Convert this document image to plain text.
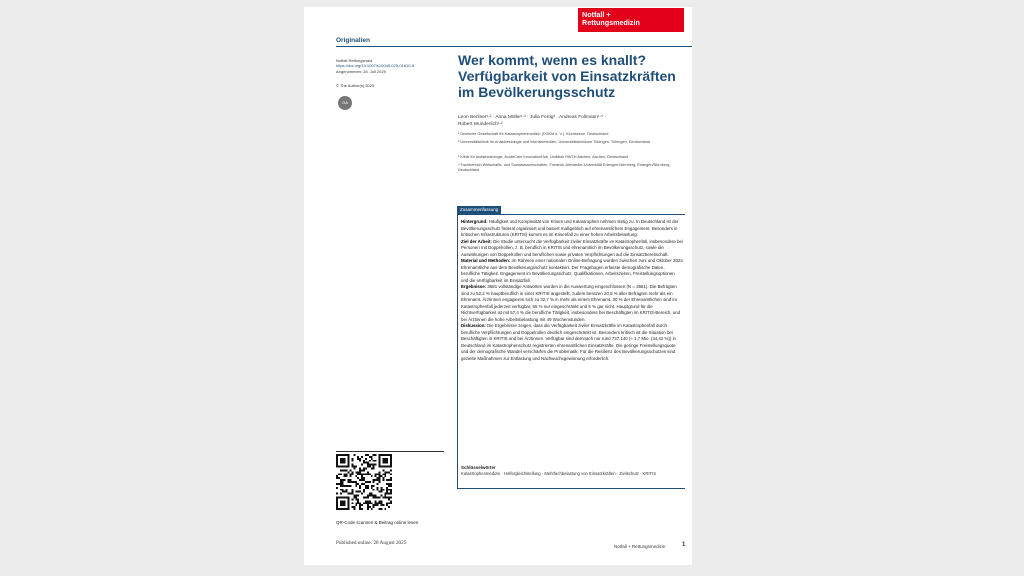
Notfall +
Rettungsmedizin
Originalien
Notfall Rettungsmed
https://doi.org/10.1007/s10049-025-01610-8
Angenommen: 28. Juli 2025
© The Author(s) 2025
OA
Wer kommt, wenn es knallt? Verfügbarkeit von Einsatzkräften im Bevölkerungsschutz
Leon Berliner¹·² · Anna Müller¹·³ · Julia Fertig³ · Andreas Follmann¹·⁵ ·
Robert Wunderlich¹·²
¹ Deutsche Gesellschaft für Katastrophenmedizin (DGKM e. V.), Kirchseeon, Deutschland
² Universitätsklinik für Anästhesiologie und Intensivmedizin, Universitätsklinikum Tübingen, Tübingen, Deutschland
³ Klinik für Anästhesiologie, AcuteCare InnovationHub, Uniklinik RWTH Aachen, Aachen, Deutschland
⁴ Fachbereich Wirtschafts- und Sozialwissenschaften, Friedrich-Alexander-Universität Erlangen-Nürnberg, Erlangen/Nürnberg, Deutschland
Zusammenfassung
Hintergrund: Häufigkeit und Komplexität von Krisen und Katastrophen nehmen stetig zu. In Deutschland ist der Bevölkerungsschutz föderal organisiert und basiert maßgeblich auf ehrenamtlichem Engagement. Besonders in kritischen Infrastrukturen (KRITIS) kommt es im Krisenfall zu einer hohen Arbeitsbelastung.
Ziel der Arbeit: Die Studie untersucht die Verfügbarkeit ziviler Einsatzkräfte im Katastrophenfall, insbesondere bei Personen mit Doppelrollen, z. B. beruflich in KRITIS und ehrenamtlich im Bevölkerungsschutz, sowie die Auswirkungen von Doppelrollen und beruflichen sowie privaten Verpflichtungen auf die Einsatzbereitschaft.
Material und Methoden: Im Rahmen einer nationalen Online-Befragung wurden zwischen Juni und Oktober 2024 Ehrenamtliche aus dem Bevölkerungsschutz kontaktiert. Der Fragebogen erfasste demografische Daten, berufliche Tätigkeit, Engagement im Bevölkerungsschutz, Qualifikationen, Arbeitszeiten, Freistellungsoptionen und die Verfügbarkeit im Einsatzfall.
Ergebnisse: 3681 vollständige Antworten wurden in die Auswertung eingeschlossen (N = 3681). Die Befragten sind zu 52,2 % hauptberuflich in einer KRITIS angestellt, zudem besitzen 20,5 % aller Befragten mehr als ein Ehrenamt. Ärztinnen engagieren sich zu 32,7 % in mehr als einem Ehrenamt. 30 % der Ehrenamtlichen sind im Katastrophenfall jederzeit verfügbar, 65 % nur eingeschränkt und 5 % gar nicht. Hauptgrund für die Nichtverfügbarkeit ist mit 57,4 % die berufliche Tätigkeit, insbesondere bei Beschäftigten im KRITIS-Bereich, und bei Ärztinnen die hohe Arbeitsbelastung mit 49 Wochenstunden.
Diskussion: Die Ergebnisse zeigen, dass die Verfügbarkeit ziviler Einsatzkräfte im Katastrophenfall durch berufliche Verpflichtungen und Doppelrollen deutlich eingeschränkt ist. Besonders kritisch ist die Situation bei Beschäftigten in KRITIS und bei Ärztinnen. Verfügbar sind demnach nur rund 737.140 (≈ 1,7 Mio. (44,42 %)) in Deutschland im Katastrophenschutz registrierten ehrenamtlichen Einsatzkräfte. Die geringe Freistellungsquote und der demografische Wandel verschärfen die Problematik. Für die Resilienz des Bevölkerungsschutzes sind gezielte Maßnahmen zur Entlastung und Nachwuchsgewinnung erforderlich.
Schlüsselwörter
Katastrophenmedizin · Helfergleichstellung · Mehrfachbelastung von Einsatzkräften · Zivilschutz · KRITIS
QR-Code scannen & Beitrag online lesen
Published online: 28 August 2025
Notfall + Rettungsmedizin	1
